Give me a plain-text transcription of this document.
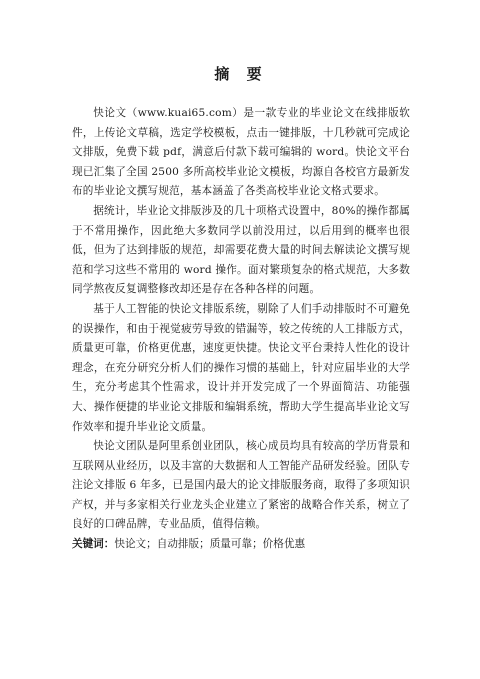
摘 要

快论文（www.kuai65.com）是一款专业的毕业论文在线排版软件，上传论文草稿，选定学校模板，点击一键排版，十几秒就可完成论文排版，免费下载 pdf，满意后付款下载可编辑的 word。快论文平台现已汇集了全国 2500 多所高校毕业论文模板，均源自各校官方最新发布的毕业论文撰写规范，基本涵盖了各类高校毕业论文格式要求。

据统计，毕业论文排版涉及的几十项格式设置中，80%的操作都属于不常用操作，因此绝大多数同学以前没用过，以后用到的概率也很低，但为了达到排版的规范，却需要花费大量的时间去解读论文撰写规范和学习这些不常用的 word 操作。面对繁琐复杂的格式规范，大多数同学熬夜反复调整修改却还是存在各种各样的问题。

基于人工智能的快论文排版系统，剔除了人们手动排版时不可避免的误操作，和由于视觉疲劳导致的错漏等，较之传统的人工排版方式，质量更可靠，价格更优惠，速度更快捷。快论文平台秉持人性化的设计理念，在充分研究分析人们的操作习惯的基础上，针对应届毕业的大学生，充分考虑其个性需求，设计并开发完成了一个界面简洁、功能强大、操作便捷的毕业论文排版和编辑系统，帮助大学生提高毕业论文写作效率和提升毕业论文质量。

快论文团队是阿里系创业团队，核心成员均具有较高的学历背景和互联网从业经历，以及丰富的大数据和人工智能产品研发经验。团队专注论文排版 6 年多，已是国内最大的论文排版服务商，取得了多项知识产权，并与多家相关行业龙头企业建立了紧密的战略合作关系，树立了良好的口碑品牌，专业品质，值得信赖。

关键词：快论文；自动排版；质量可靠；价格优惠
